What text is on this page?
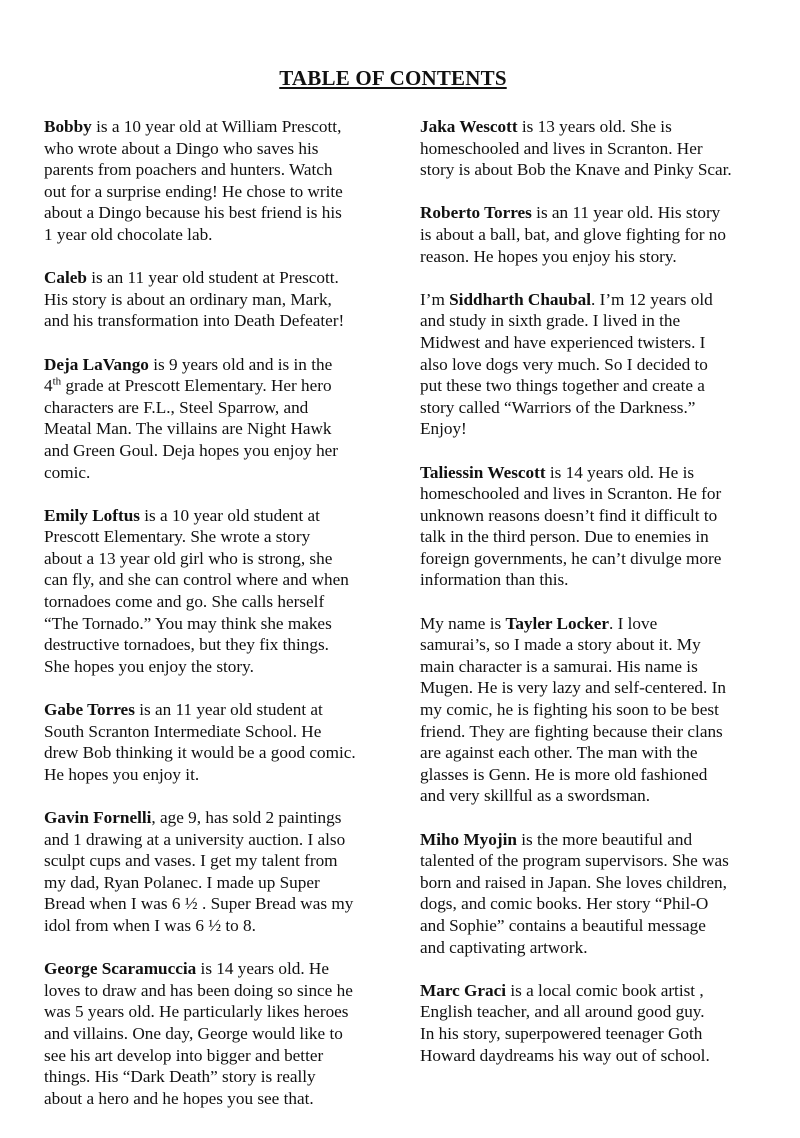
TABLE OF CONTENTS
Bobby is a 10 year old at William Prescott,
who wrote about a Dingo who saves his
parents from poachers and hunters. Watch
out for a surprise ending! He chose to write
about a Dingo because his best friend is his
1 year old chocolate lab.
Caleb is an 11 year old student at Prescott.
His story is about an ordinary man, Mark,
and his transformation into Death Defeater!
Deja LaVango is 9 years old and is in the
4th grade at Prescott Elementary. Her hero
characters are F.L., Steel Sparrow, and
Meatal Man. The villains are Night Hawk
and Green Goul. Deja hopes you enjoy her
comic.
Emily Loftus is a 10 year old student at
Prescott Elementary. She wrote a story
about a 13 year old girl who is strong, she
can fly, and she can control where and when
tornadoes come and go. She calls herself
“The Tornado.” You may think she makes
destructive tornadoes, but they fix things.
She hopes you enjoy the story.
Gabe Torres is an 11 year old student at
South Scranton Intermediate School. He
drew Bob thinking it would be a good comic.
He hopes you enjoy it.
Gavin Fornelli, age 9, has sold 2 paintings
and 1 drawing at a university auction. I also
sculpt cups and vases. I get my talent from
my dad, Ryan Polanec. I made up Super
Bread when I was 6 ½ . Super Bread was my
idol from when I was 6 ½ to 8.
George Scaramuccia is 14 years old. He
loves to draw and has been doing so since he
was 5 years old. He particularly likes heroes
and villains. One day, George would like to
see his art develop into bigger and better
things. His “Dark Death” story is really
about a hero and he hopes you see that.
Jaka Wescott is 13 years old. She is
homeschooled and lives in Scranton. Her
story is about Bob the Knave and Pinky Scar.
Roberto Torres is an 11 year old. His story
is about a ball, bat, and glove fighting for no
reason. He hopes you enjoy his story.
I’m Siddharth Chaubal. I’m 12 years old
and study in sixth grade. I lived in the
Midwest and have experienced twisters. I
also love dogs very much. So I decided to
put these two things together and create a
story called “Warriors of the Darkness.”
Enjoy!
Taliessin Wescott is 14 years old. He is
homeschooled and lives in Scranton. He for
unknown reasons doesn’t find it difficult to
talk in the third person. Due to enemies in
foreign governments, he can’t divulge more
information than this.
My name is Tayler Locker. I love
samurai’s, so I made a story about it. My
main character is a samurai. His name is
Mugen. He is very lazy and self-centered. In
my comic, he is fighting his soon to be best
friend. They are fighting because their clans
are against each other. The man with the
glasses is Genn. He is more old fashioned
and very skillful as a swordsman.
Miho Myojin is the more beautiful and
talented of the program supervisors. She was
born and raised in Japan. She loves children,
dogs, and comic books. Her story “Phil-O
and Sophie” contains a beautiful message
and captivating artwork.
Marc Graci is a local comic book artist ,
English teacher, and all around good guy.
In his story, superpowered teenager Goth
Howard daydreams his way out of school.
